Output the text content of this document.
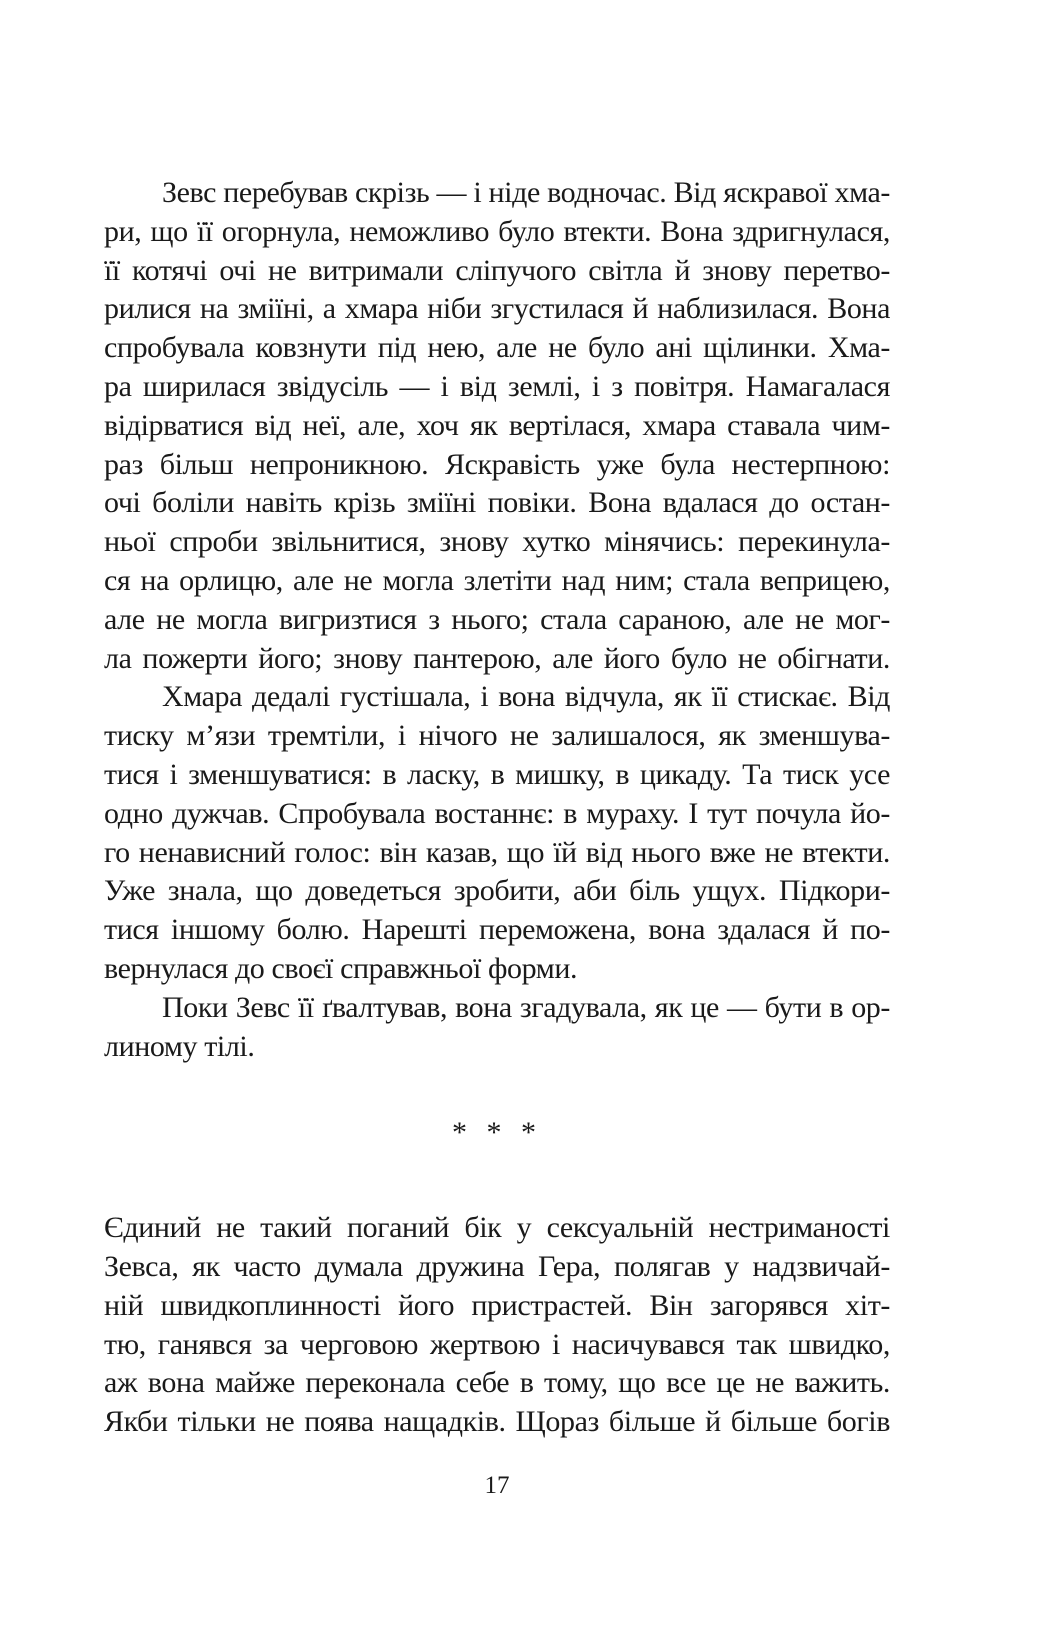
Зевс перебував скрізь — і ніде водночас. Від яскравої хма-
ри, що її огорнула, неможливо було втекти. Вона здригнулася,
її котячі очі не витримали сліпучого світла й знову перетво-
рилися на зміїні, а хмара ніби згустилася й наблизилася. Вона
спробувала ковзнути під нею, але не було ані щілинки. Хма-
ра ширилася звідусіль — і від землі, і з повітря. Намагалася
відірватися від неї, але, хоч як вертілася, хмара ставала чим-
раз більш непроникною. Яскравість уже була нестерпною:
очі боліли навіть крізь зміїні повіки. Вона вдалася до остан-
ньої спроби звільнитися, знову хутко мінячись: перекинула-
ся на орлицю, але не могла злетіти над ним; стала веприцею,
але не могла вигризтися з нього; стала сараною, але не мог-
ла пожерти його; знову пантерою, але його було не обігнати.
Хмара дедалі густішала, і вона відчула, як її стискає. Від
тиску м’язи тремтіли, і нічого не залишалося, як зменшува-
тися і зменшуватися: в ласку, в мишку, в цикаду. Та тиск усе
одно дужчав. Спробувала востаннє: в мураху. І тут почула йо-
го ненависний голос: він казав, що їй від нього вже не втекти.
Уже знала, що доведеться зробити, аби біль ущух. Підкори-
тися іншому болю. Нарешті переможена, вона здалася й по-
вернулася до своєї справжньої форми.
Поки Зевс її ґвалтував, вона згадувала, як це — бути в ор-
линому тілі.
* * *
Єдиний не такий поганий бік у сексуальній нестриманості
Зевса, як часто думала дружина Гера, полягав у надзвичай-
ній швидкоплинності його пристрастей. Він загорявся хіт-
тю, ганявся за черговою жертвою і насичувався так швидко,
аж вона майже переконала себе в тому, що все це не важить.
Якби тільки не поява нащадків. Щораз більше й більше богів
17
